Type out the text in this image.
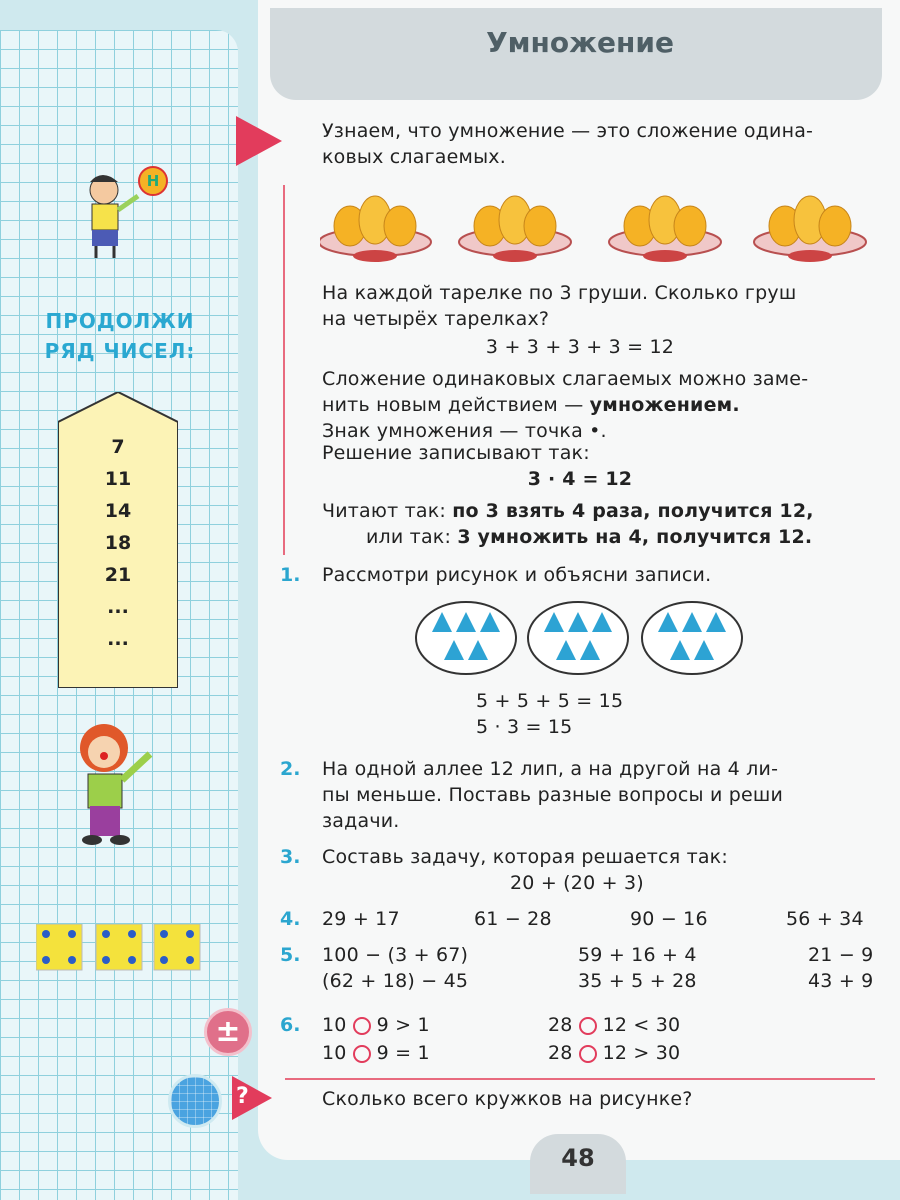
Н
ПРОДОЛЖИ
РЯД ЧИСЕЛ:
7
11
14
18
21
...
...
Умножение
Узнаем, что умножение — это сложение одина-
ковых слагаемых.
На каждой тарелке по 3 груши. Сколько груш
на четырёх тарелках?
3 + 3 + 3 + 3 = 12
Сложение одинаковых слагаемых можно заме-
нить новым действием — умножением.
Знак умножения — точка •.
Решение записывают так:
3 · 4 = 12
Читают так: по 3 взять 4 раза, получится 12,
или так: 3 умножить на 4, получится 12.
1. Рассмотри рисунок и объясни записи.
5 + 5 + 5 = 15
5 · 3 = 15
2. На одной аллее 12 лип, а на другой на 4 ли-
пы меньше. Поставь разные вопросы и реши
задачи.
3. Составь задачу, которая решается так:
20 + (20 + 3)
4. 29 + 17	61 − 28	90 − 16	56 + 34
5. 100 − (3 + 67)	59 + 16 + 4	21 − 9
(62 + 18) − 45	35 + 5 + 28	43 + 9
±	6. 10 9 > 1	28 12 < 30
10 9 = 1	28 12 > 30
?	Сколько всего кружков на рисунке?
48
